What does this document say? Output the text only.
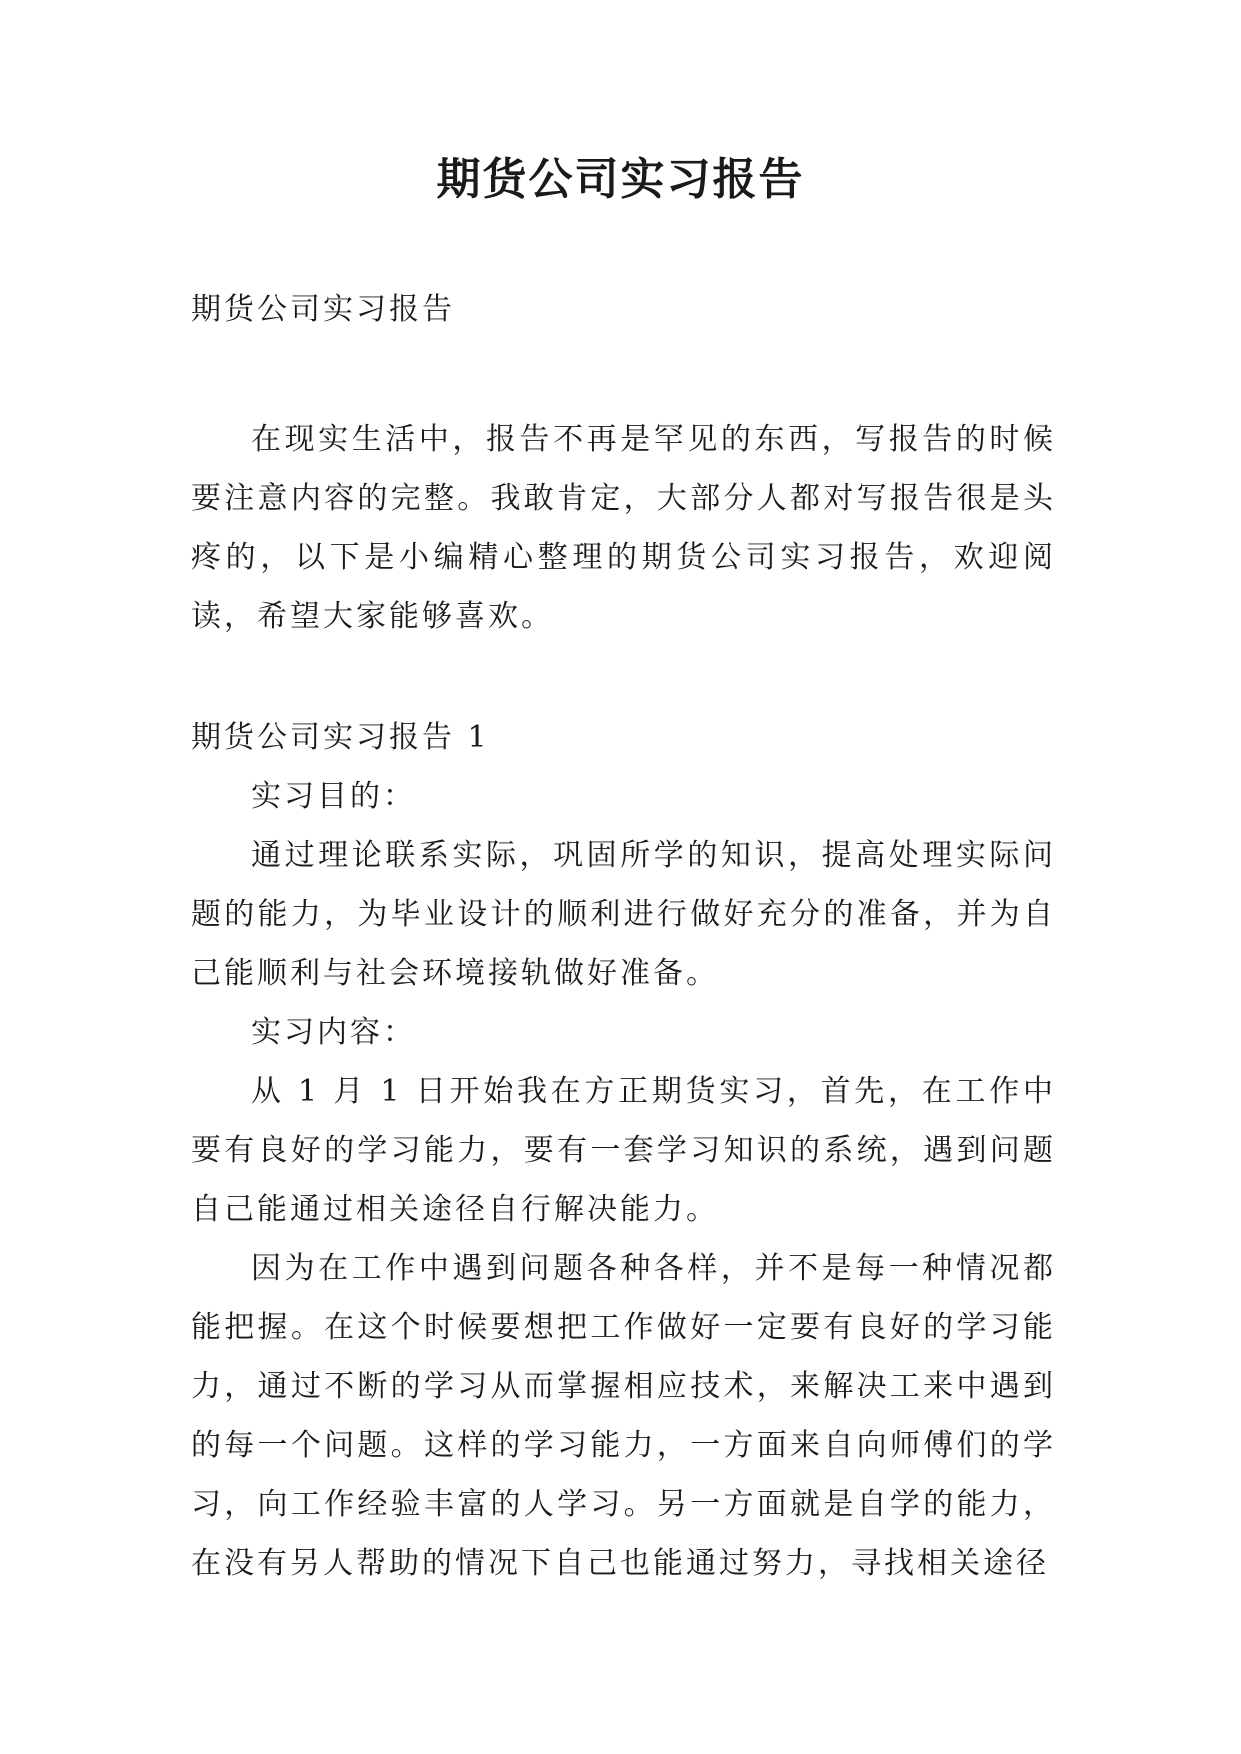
期货公司实习报告

期货公司实习报告

在现实生活中，报告不再是罕见的东西，写报告的时候要注意内容的完整。我敢肯定，大部分人都对写报告很是头疼的，以下是小编精心整理的期货公司实习报告，欢迎阅读，希望大家能够喜欢。

期货公司实习报告 1

实习目的：

通过理论联系实际，巩固所学的知识，提高处理实际问题的能力，为毕业设计的顺利进行做好充分的准备，并为自己能顺利与社会环境接轨做好准备。

实习内容：

从 1 月 1 日开始我在方正期货实习，首先，在工作中要有良好的学习能力，要有一套学习知识的系统，遇到问题自己能通过相关途径自行解决能力。

因为在工作中遇到问题各种各样，并不是每一种情况都能把握。在这个时候要想把工作做好一定要有良好的学习能力，通过不断的学习从而掌握相应技术，来解决工来中遇到的每一个问题。这样的学习能力，一方面来自向师傅们的学习，向工作经验丰富的人学习。另一方面就是自学的能力，在没有另人帮助的情况下自己也能通过努力，寻找相关途径
